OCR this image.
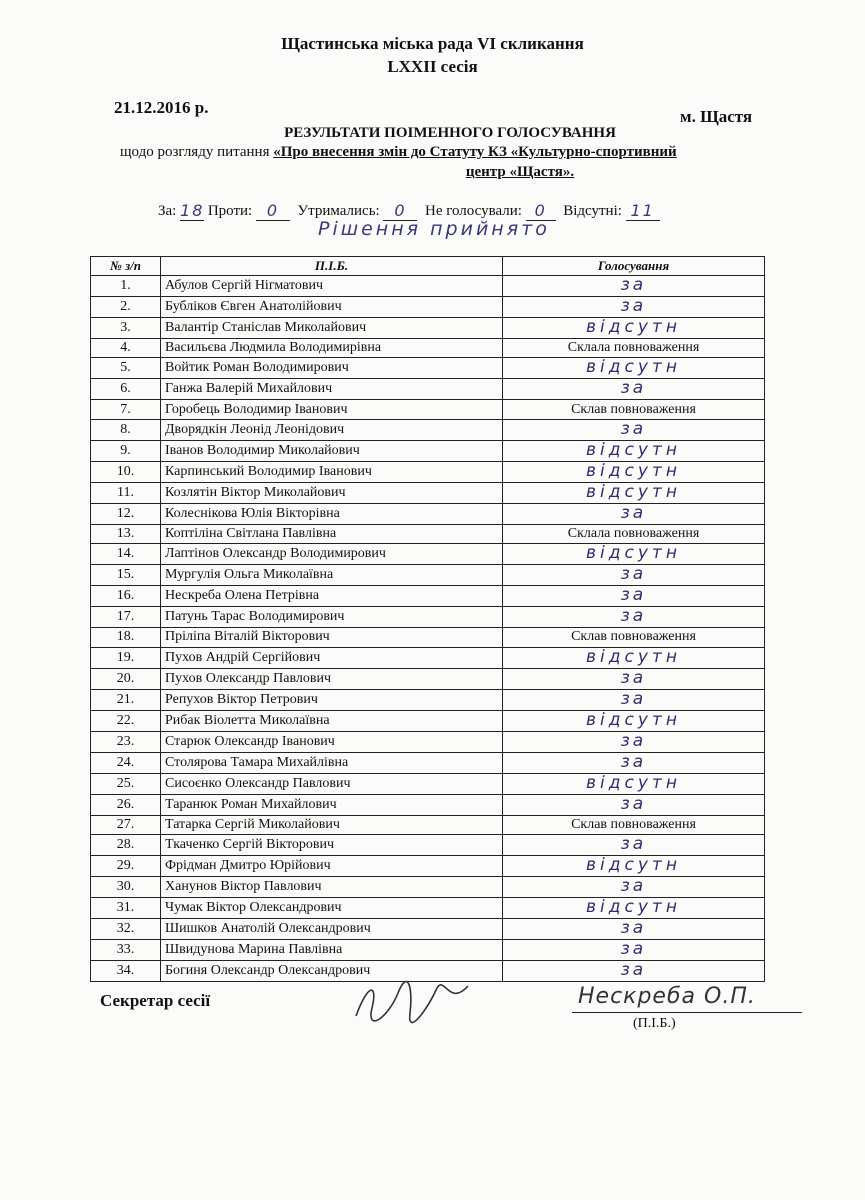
Щастинська міська рада VI скликання
LXXII сесія
21.12.2016 р.	м. Щастя
РЕЗУЛЬТАТИ ПОІМЕННОГО ГОЛОСУВАННЯ
щодо розгляду питання «Про внесення змін до Статуту КЗ «Культурно-спортивний
центр «Щастя».
За: 18 Проти: 0 Утримались: 0 Не голосували: 0 Відсутні: 11
Рішення прийнято
№ з/п	П.І.Б.	Голосування
1.	Абулов Сергій Нігматович	за
2.	Бубліков Євген Анатолійович	за
3.	Валантір Станіслав Миколайович	відсутн
4.	Васильєва Людмила Володимирівна	Склала повноваження
5.	Войтик Роман Володимирович	відсутн
6.	Ганжа Валерій Михайлович	за
7.	Горобець Володимир Іванович	Склав повноваження
8.	Дворядкін Леонід Леонідович	за
9.	Іванов Володимир Миколайович	відсутн
10.	Карпинський Володимир Іванович	відсутн
11.	Козлятін Віктор Миколайович	відсутн
12.	Колеснікова Юлія Вікторівна	за
13.	Коптіліна Світлана Павлівна	Склала повноваження
14.	Лаптінов Олександр Володимирович	відсутн
15.	Мургулія Ольга Миколаївна	за
16.	Нескреба Олена Петрівна	за
17.	Патунь Тарас Володимирович	за
18.	Пріліпа Віталій Вікторович	Склав повноваження
19.	Пухов Андрій Сергійович	відсутн
20.	Пухов Олександр Павлович	за
21.	Репухов Віктор Петрович	за
22.	Рибак Віолетта Миколаївна	відсутн
23.	Старюк Олександр Іванович	за
24.	Столярова Тамара Михайлівна	за
25.	Сисоєнко Олександр Павлович	відсутн
26.	Таранюк Роман Михайлович	за
27.	Татарка Сергій Миколайович	Склав повноваження
28.	Ткаченко Сергій Вікторович	за
29.	Фрідман Дмитро Юрійович	відсутн
30.	Ханунов Віктор Павлович	за
31.	Чумак Віктор Олександрович	відсутн
32.	Шишков Анатолій Олександрович	за
33.	Швидунова Марина Павлівна	за
34.	Богиня Олександр Олександрович	за
Секретар сесії	Нескреба О.П.
(П.І.Б.)
